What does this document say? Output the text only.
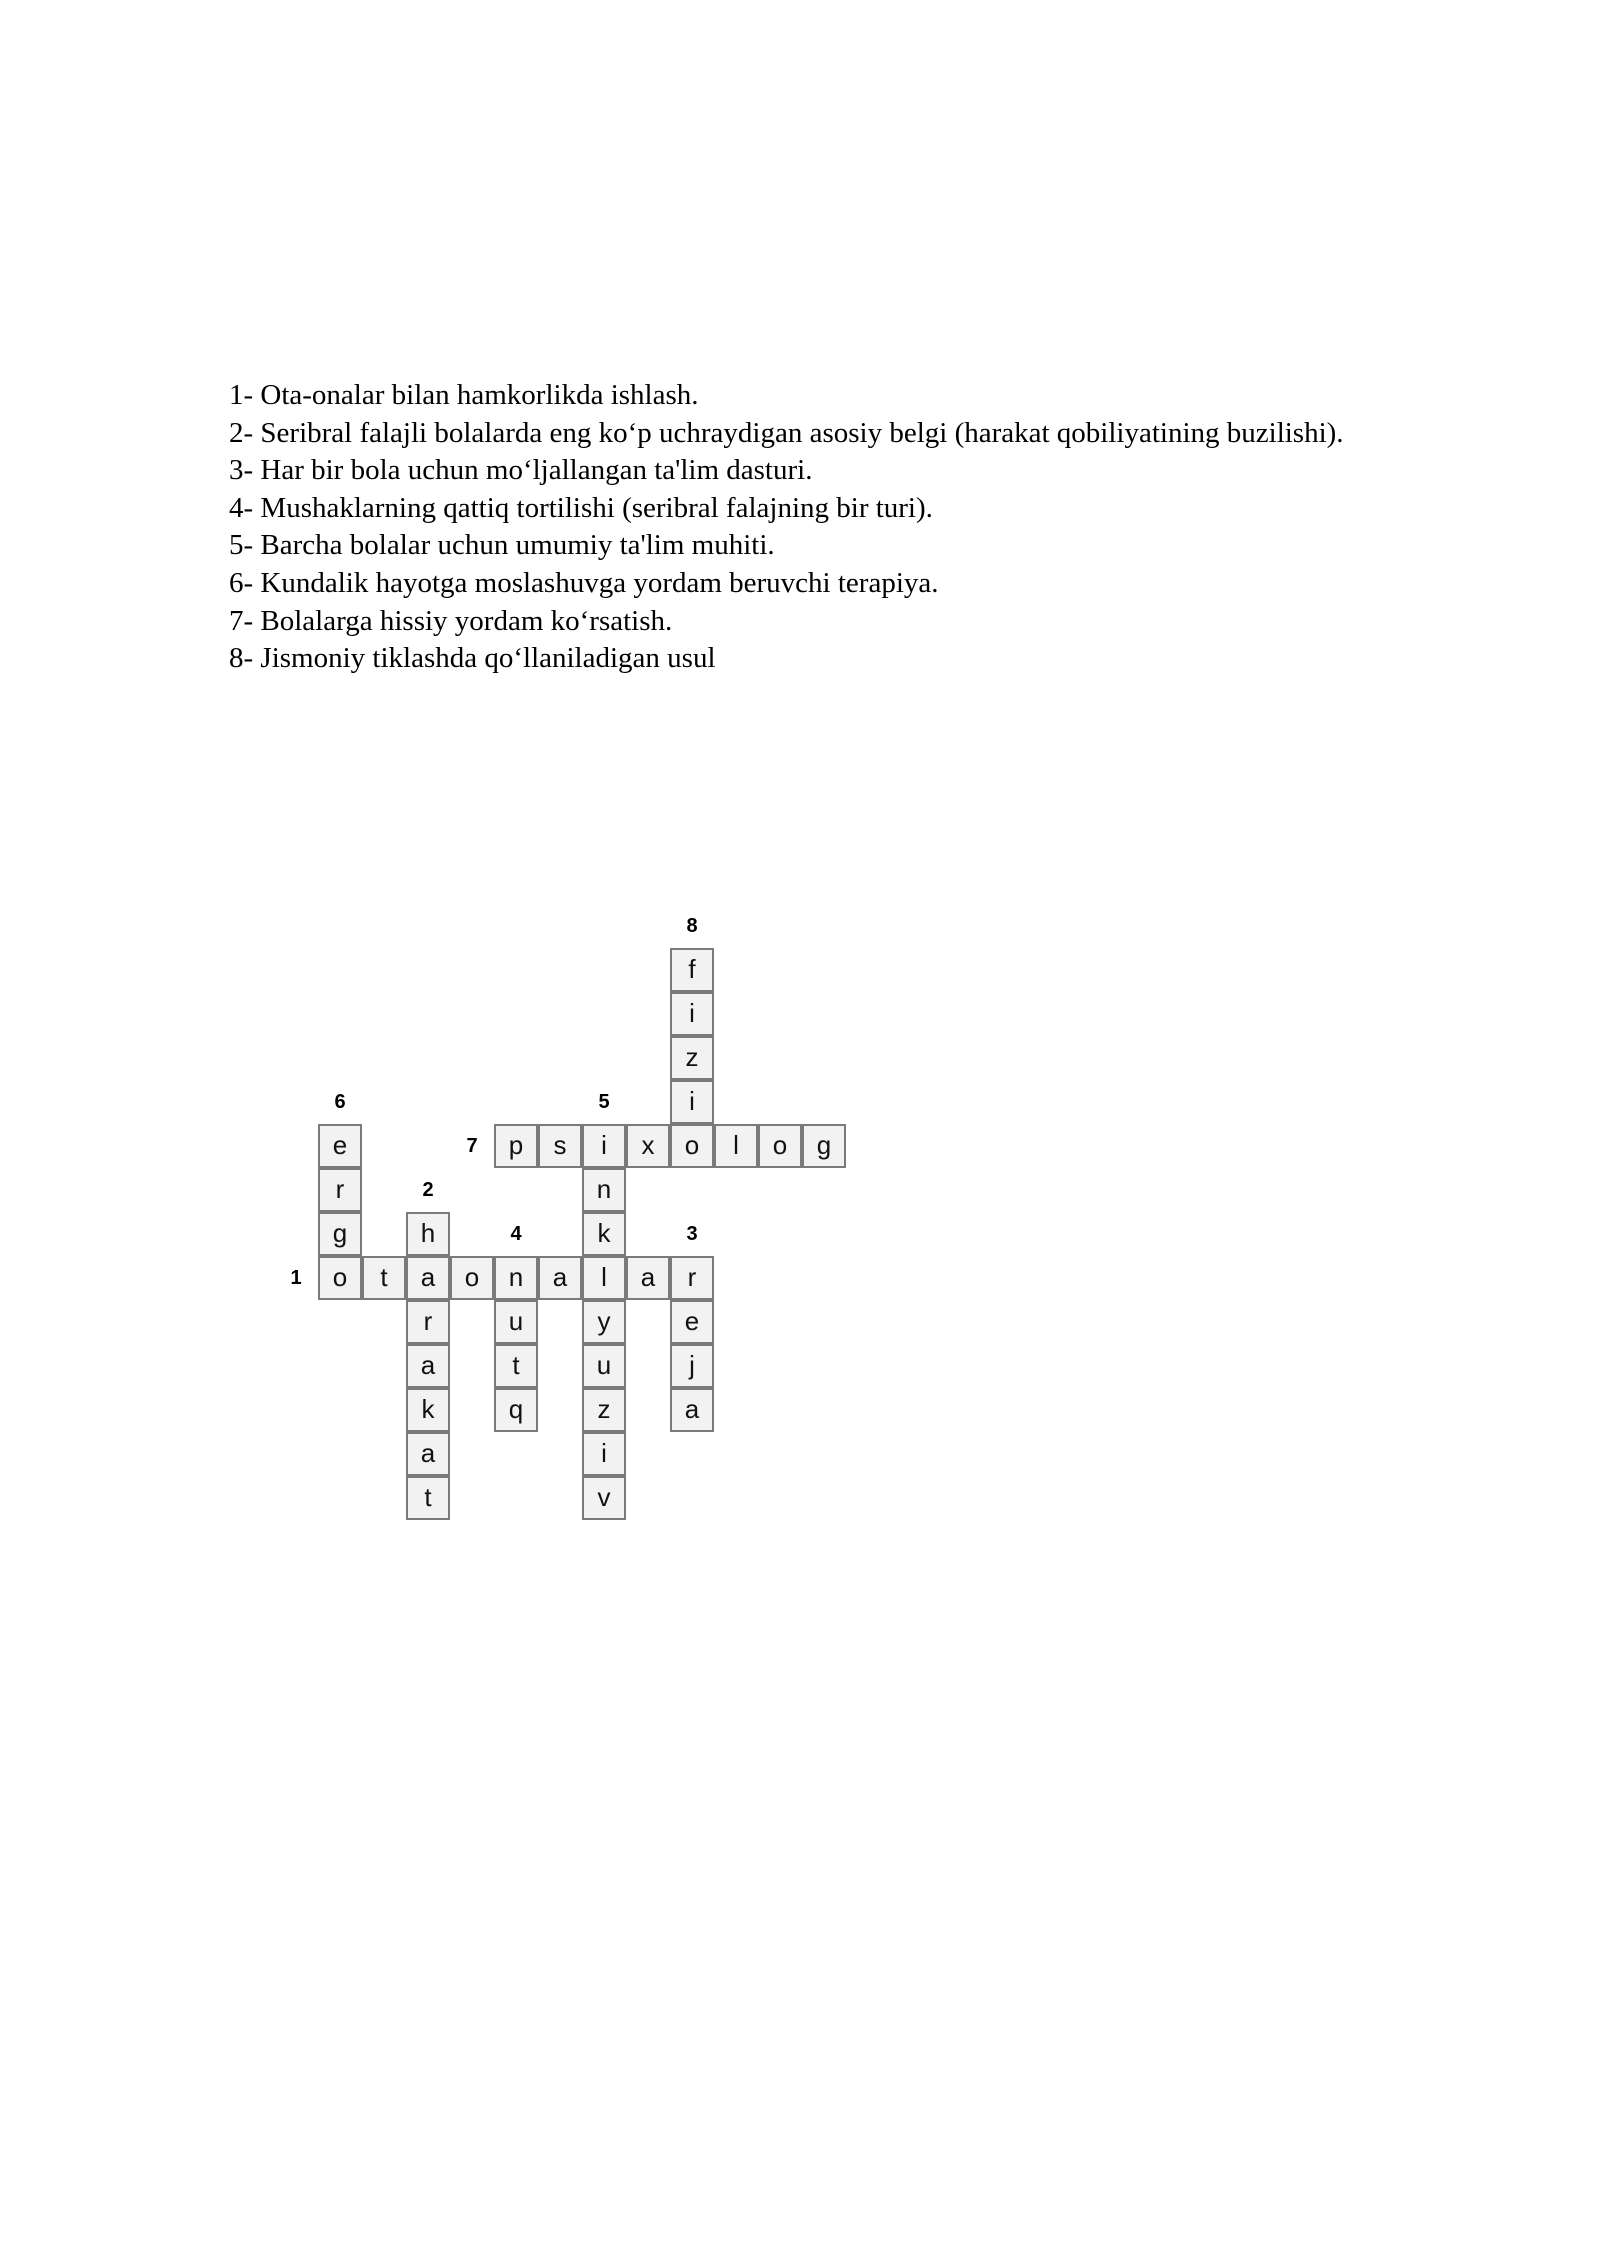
1- Ota-onalar bilan hamkorlikda ishlash.
2- Seribral falajli bolalarda eng ko‘p uchraydigan asosiy belgi (harakat qobiliyatining buzilishi).
3- Har bir bola uchun mo‘ljallangan ta'lim dasturi.
4- Mushaklarning qattiq tortilishi (seribral falajning bir turi).
5- Barcha bolalar uchun umumiy ta'lim muhiti.
6- Kundalik hayotga moslashuvga yordam beruvchi terapiya.
7- Bolalarga hissiy yordam ko‘rsatish.
8- Jismoniy tiklashda qo‘llaniladigan usul
o	t	a	o	n	a	l	a	r
h
r
a
k
a
t
e
j
a
u
t
q
i
n
k
y
u
z
i
v
e
r
g
p	s	x	o	l	o	g
f
i
z
i
8
6	5
7
2
4	3
1
